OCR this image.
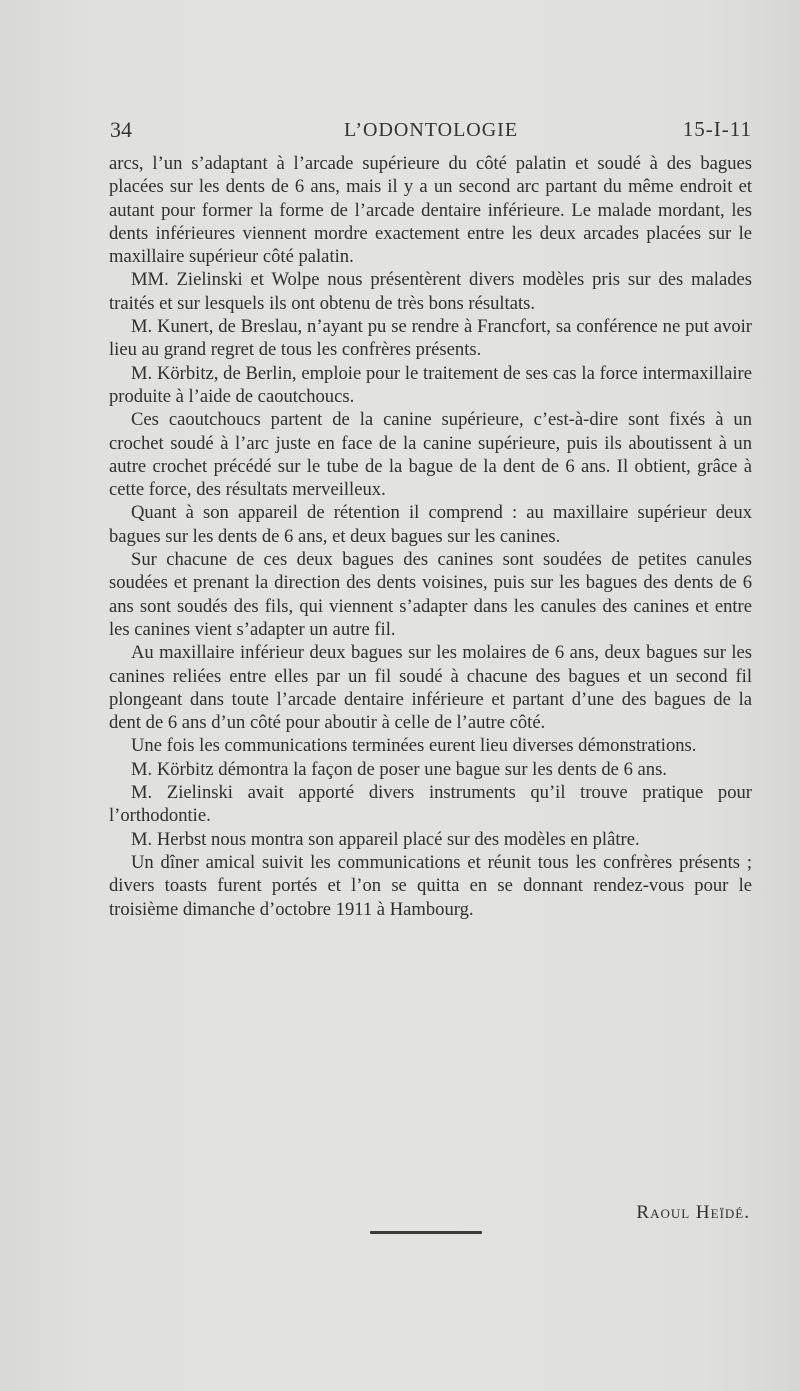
34	L’ODONTOLOGIE	15-I-11

arcs, l’un s’adaptant à l’arcade supérieure du côté palatin et soudé à des bagues placées sur les dents de 6 ans, mais il y a un second arc partant du même endroit et autant pour former la forme de l’arcade dentaire inférieure. Le malade mordant, les dents inférieures viennent mordre exactement entre les deux arcades placées sur le maxillaire supérieur côté palatin.

MM. Zielinski et Wolpe nous présentèrent divers modèles pris sur des malades traités et sur lesquels ils ont obtenu de très bons résultats.

M. Kunert, de Breslau, n’ayant pu se rendre à Francfort, sa conférence ne put avoir lieu au grand regret de tous les confrères présents.

M. Körbitz, de Berlin, emploie pour le traitement de ses cas la force intermaxillaire produite à l’aide de caoutchoucs.

Ces caoutchoucs partent de la canine supérieure, c’est-à-dire sont fixés à un crochet soudé à l’arc juste en face de la canine supérieure, puis ils aboutissent à un autre crochet précédé sur le tube de la bague de la dent de 6 ans. Il obtient, grâce à cette force, des résultats merveilleux.

Quant à son appareil de rétention il comprend : au maxillaire supérieur deux bagues sur les dents de 6 ans, et deux bagues sur les canines.

Sur chacune de ces deux bagues des canines sont soudées de petites canules soudées et prenant la direction des dents voisines, puis sur les bagues des dents de 6 ans sont soudés des fils, qui viennent s’adapter dans les canules des canines et entre les canines vient s’adapter un autre fil.

Au maxillaire inférieur deux bagues sur les molaires de 6 ans, deux bagues sur les canines reliées entre elles par un fil soudé à chacune des bagues et un second fil plongeant dans toute l’arcade dentaire inférieure et partant d’une des bagues de la dent de 6 ans d’un côté pour aboutir à celle de l’autre côté.

Une fois les communications terminées eurent lieu diverses démonstrations.

M. Körbitz démontra la façon de poser une bague sur les dents de 6 ans.

M. Zielinski avait apporté divers instruments qu’il trouve pratique pour l’orthodontie.

M. Herbst nous montra son appareil placé sur des modèles en plâtre.

Un dîner amical suivit les communications et réunit tous les confrères présents ; divers toasts furent portés et l’on se quitta en se donnant rendez-vous pour le troisième dimanche d’octobre 1911 à Hambourg.

Raoul Heïdé.
